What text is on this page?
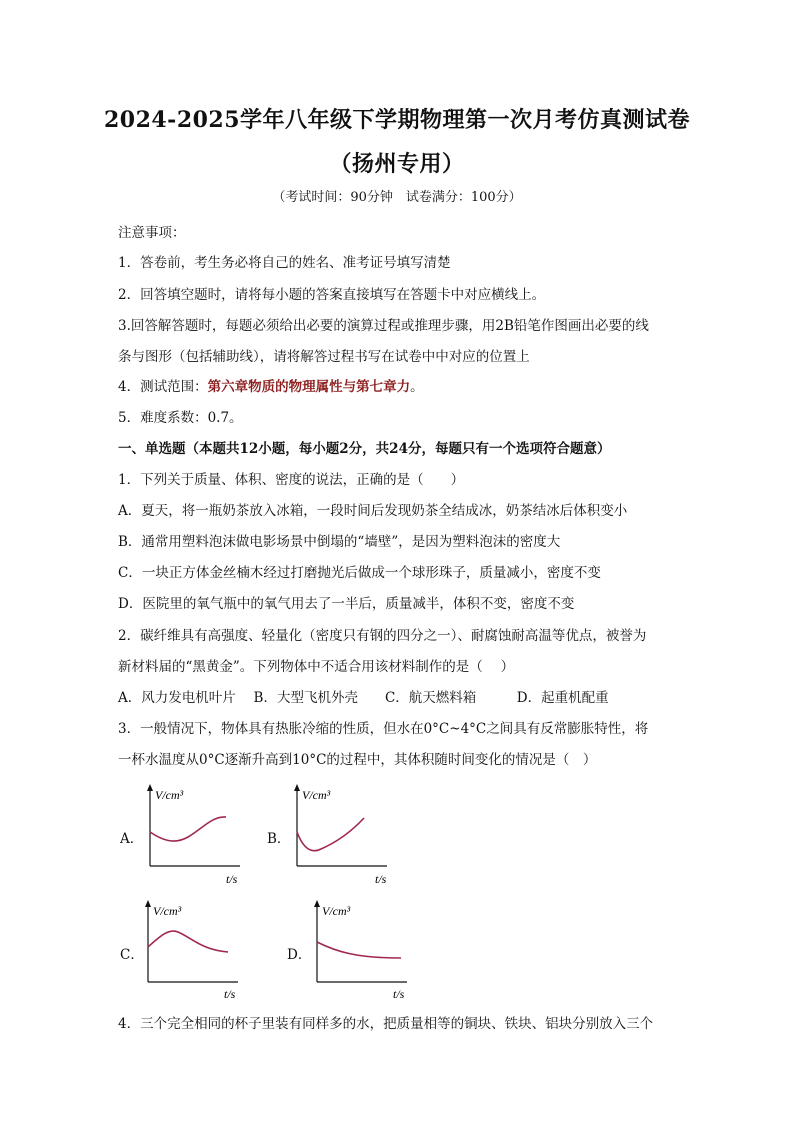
2024-2025学年八年级下学期物理第一次月考仿真测试卷
（扬州专用）
（考试时间：90分钟　试卷满分：100分）
注意事项：
1．答卷前，考生务必将自己的姓名、准考证号填写清楚
2．回答填空题时，请将每小题的答案直接填写在答题卡中对应横线上。
3.回答解答题时，每题必须给出必要的演算过程或推理步骤，用2B铅笔作图画出必要的线
条与图形（包括辅助线），请将解答过程书写在试卷中中对应的位置上
4．测试范围：第六章物质的物理属性与第七章力。
5．难度系数：0.7。
一、单选题（本题共12小题，每小题2分，共24分，每题只有一个选项符合题意）
1．下列关于质量、体积、密度的说法，正确的是（　　）
A．夏天，将一瓶奶茶放入冰箱，一段时间后发现奶茶全结成冰，奶茶结冰后体积变小
B．通常用塑料泡沫做电影场景中倒塌的“墙壁”，是因为塑料泡沫的密度大
C．一块正方体金丝楠木经过打磨抛光后做成一个球形珠子，质量减小，密度不变
D．医院里的氧气瓶中的氧气用去了一半后，质量减半，体积不变，密度不变
2．碳纤维具有高强度、轻量化（密度只有钢的四分之一）、耐腐蚀耐高温等优点，被誉为
新材料届的“黑黄金”。下列物体中不适合用该材料制作的是（　 ）
A．风力发电机叶片　 B．大型飞机外壳　　C．航天燃料箱　　　D．起重机配重
3．一般情况下，物体具有热胀冷缩的性质，但水在0°C~4°C之间具有反常膨胀特性，将
一杯水温度从0°C逐渐升高到10°C的过程中，其体积随时间变化的情况是（　）
A．
V/cm³
t/s
B．
V/cm³
t/s
C．
V/cm³
t/s
D．
V/cm³
t/s
4．三个完全相同的杯子里装有同样多的水，把质量相等的铜块、铁块、铝块分别放入三个
